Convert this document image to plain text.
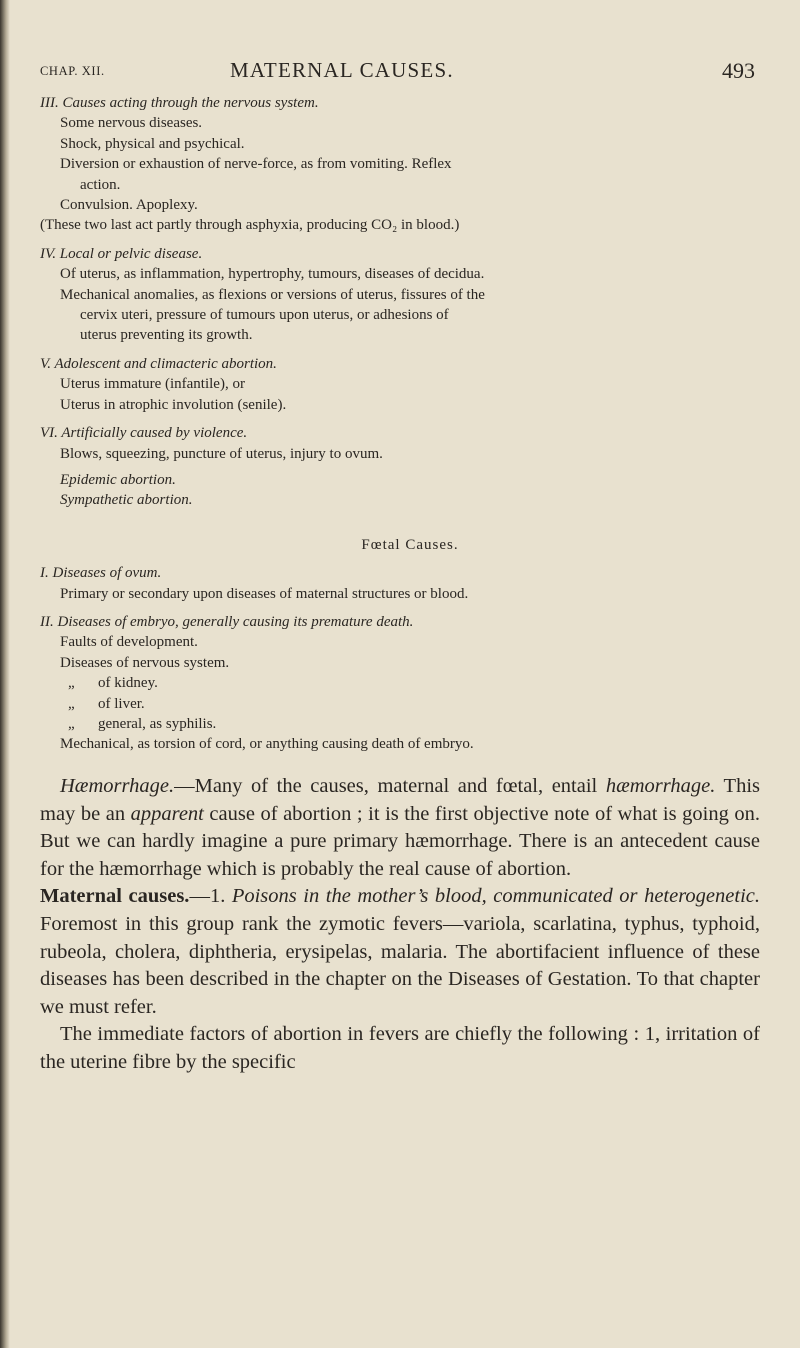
CHAP. XII.	MATERNAL CAUSES.	493
III. Causes acting through the nervous system.
Some nervous diseases.
Shock, physical and psychical.
Diversion or exhaustion of nerve-force, as from vomiting. Reflex
action.
Convulsion. Apoplexy.
(These two last act partly through asphyxia, producing CO₂ in blood.)
IV. Local or pelvic disease.
Of uterus, as inflammation, hypertrophy, tumours, diseases of decidua.
Mechanical anomalies, as flexions or versions of uterus, fissures of the
cervix uteri, pressure of tumours upon uterus, or adhesions of
uterus preventing its growth.
V. Adolescent and climacteric abortion.
Uterus immature (infantile), or
Uterus in atrophic involution (senile).
VI. Artificially caused by violence.
Blows, squeezing, puncture of uterus, injury to ovum.
Epidemic abortion.
Sympathetic abortion.
Fœtal Causes.
I. Diseases of ovum.
Primary or secondary upon diseases of maternal structures or blood.
II. Diseases of embryo, generally causing its premature death.
Faults of development.
Diseases of nervous system.
„ of kidney.
„ of liver.
„ general, as syphilis.
Mechanical, as torsion of cord, or anything causing death of embryo.

Hæmorrhage.—Many of the causes, maternal and fœtal, entail hæmorrhage. This may be an apparent cause of abortion ; it is the first objective note of what is going on. But we can hardly imagine a pure primary hæmorrhage. There is an antecedent cause for the hæmorrhage which is probably the real cause of abortion.

Maternal causes.—1. Poisons in the mother’s blood, communicated or heterogenetic. Foremost in this group rank the zymotic fevers—variola, scarlatina, typhus, typhoid, rubeola, cholera, diphtheria, erysipelas, malaria. The abortifacient influence of these diseases has been described in the chapter on the Diseases of Gestation. To that chapter we must refer.

The immediate factors of abortion in fevers are chiefly the following : 1, irritation of the uterine fibre by the specific
